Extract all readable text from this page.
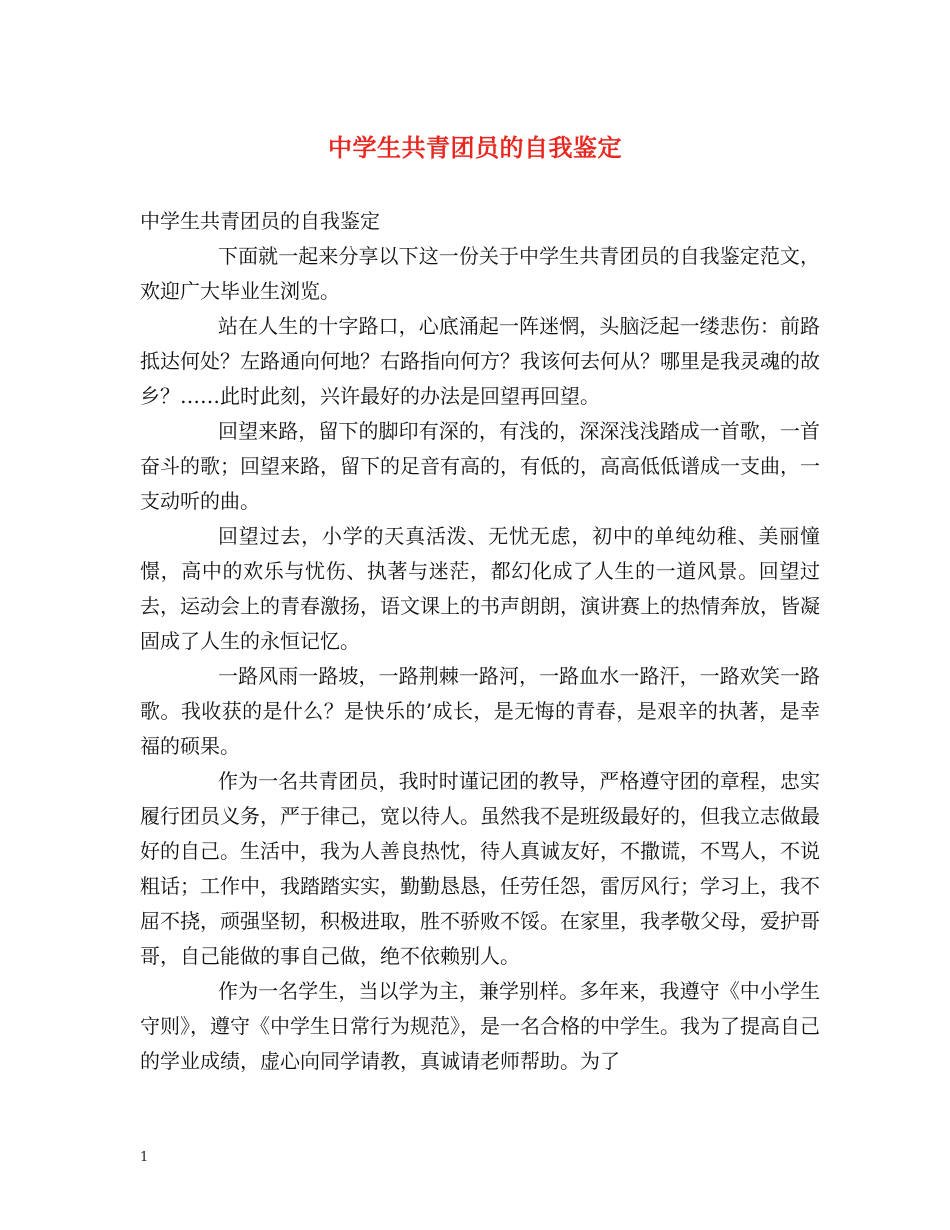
中学生共青团员的自我鉴定

中学生共青团员的自我鉴定

下面就一起来分享以下这一份关于中学生共青团员的自我鉴定范文，欢迎广大毕业生浏览。

站在人生的十字路口，心底涌起一阵迷惘，头脑泛起一缕悲伤：前路抵达何处？左路通向何地？右路指向何方？我该何去何从？哪里是我灵魂的故乡？……此时此刻，兴许最好的办法是回望再回望。

回望来路，留下的脚印有深的，有浅的，深深浅浅踏成一首歌，一首奋斗的歌；回望来路，留下的足音有高的，有低的，高高低低谱成一支曲，一支动听的曲。

回望过去，小学的天真活泼、无忧无虑，初中的单纯幼稚、美丽憧憬，高中的欢乐与忧伤、执著与迷茫，都幻化成了人生的一道风景。回望过去，运动会上的青春激扬，语文课上的书声朗朗，演讲赛上的热情奔放，皆凝固成了人生的永恒记忆。

一路风雨一路坡，一路荆棘一路河，一路血水一路汗，一路欢笑一路歌。我收获的是什么？是快乐的’成长，是无悔的青春，是艰辛的执著，是幸福的硕果。

作为一名共青团员，我时时谨记团的教导，严格遵守团的章程，忠实履行团员义务，严于律己，宽以待人。虽然我不是班级最好的，但我立志做最好的自己。生活中，我为人善良热忱，待人真诚友好，不撒谎，不骂人，不说粗话；工作中，我踏踏实实，勤勤恳恳，任劳任怨，雷厉风行；学习上，我不屈不挠，顽强坚韧，积极进取，胜不骄败不馁。在家里，我孝敬父母，爱护哥哥，自己能做的事自己做，绝不依赖别人。

作为一名学生，当以学为主，兼学别样。多年来，我遵守《中小学生守则》，遵守《中学生日常行为规范》，是一名合格的中学生。我为了提高自己的学业成绩，虚心向同学请教，真诚请老师帮助。为了

1
